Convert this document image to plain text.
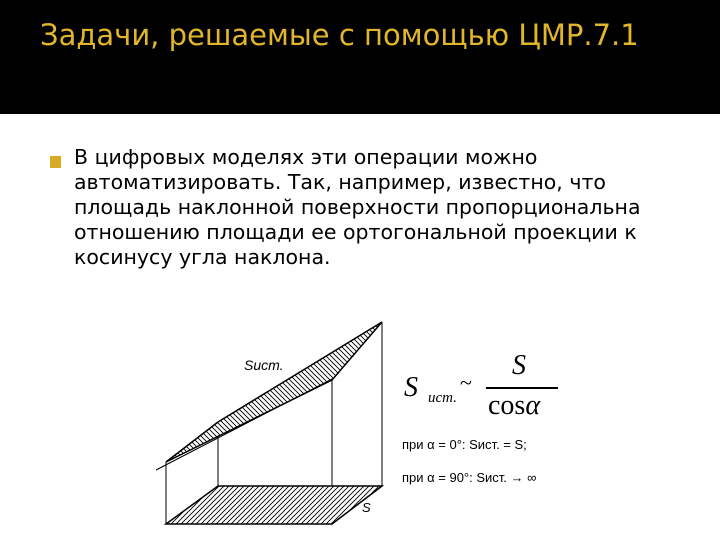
Задачи, решаемые с помощью ЦМР.7.1

В цифровых моделях эти операции можно автоматизировать. Так, например, известно, что площадь наклонной поверхности пропорциональна отношению площади ее ортогональной проекции к косинусу угла наклона.

Sист.
S
S ист.
~
S
cosα
при α = 0°: Sист. = S;
при α = 90°: Sист. → ∞
